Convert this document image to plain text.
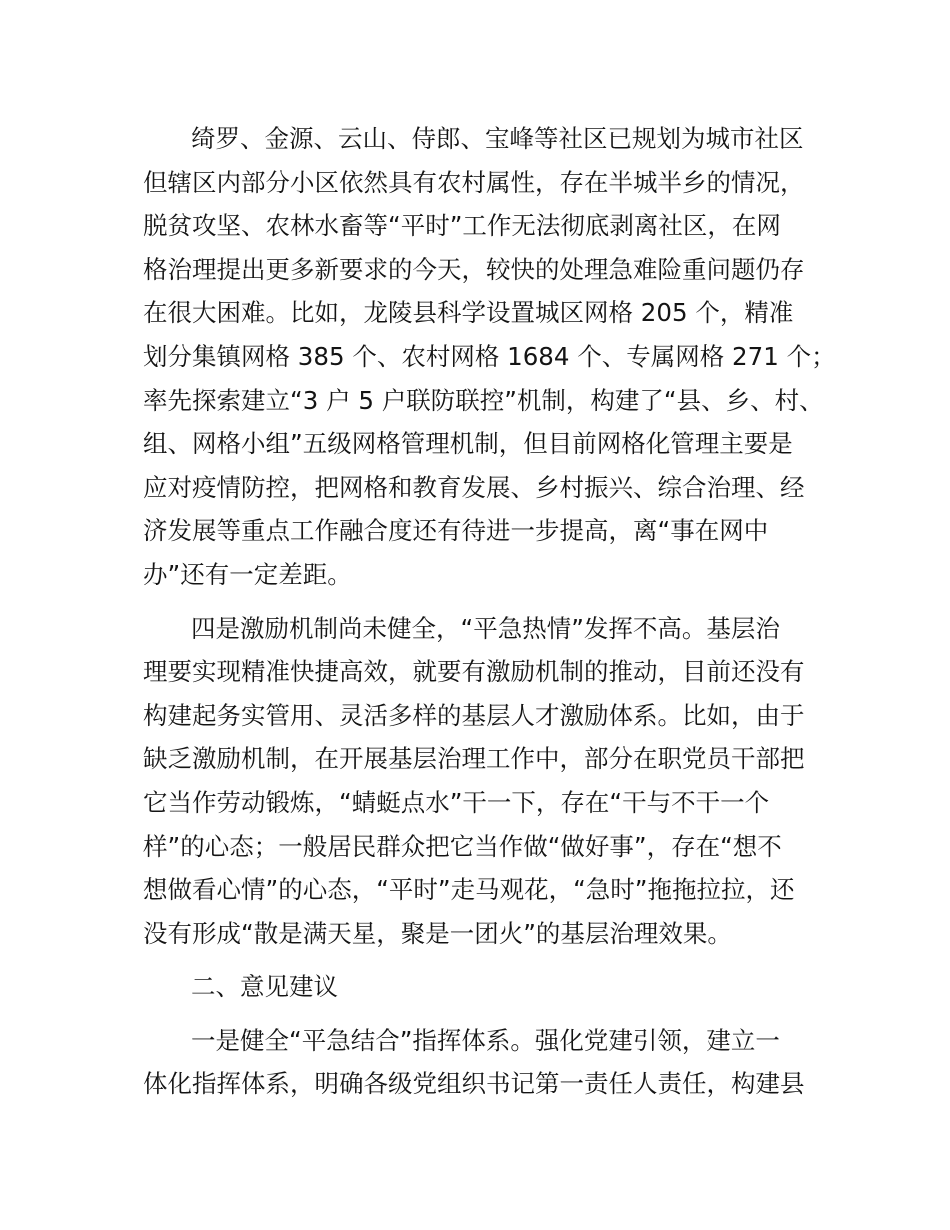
绮罗、金源、云山、侍郎、宝峰等社区已规划为城市社区
但辖区内部分小区依然具有农村属性，存在半城半乡的情况，
脱贫攻坚、农林水畜等“平时”工作无法彻底剥离社区，在网
格治理提出更多新要求的今天，较快的处理急难险重问题仍存
在很大困难。比如，龙陵县科学设置城区网格 205 个，精准
划分集镇网格 385 个、农村网格 1684 个、专属网格 271 个；
率先探索建立“3 户 5 户联防联控”机制，构建了“县、乡、村、
组、网格小组”五级网格管理机制，但目前网格化管理主要是
应对疫情防控，把网格和教育发展、乡村振兴、综合治理、经
济发展等重点工作融合度还有待进一步提高，离“事在网中
办”还有一定差距。
四是激励机制尚未健全，“平急热情”发挥不高。基层治
理要实现精准快捷高效，就要有激励机制的推动，目前还没有
构建起务实管用、灵活多样的基层人才激励体系。比如，由于
缺乏激励机制，在开展基层治理工作中，部分在职党员干部把
它当作劳动锻炼，“蜻蜓点水”干一下，存在“干与不干一个
样”的心态；一般居民群众把它当作做“做好事”，存在“想不
想做看心情”的心态，“平时”走马观花，“急时”拖拖拉拉，还
没有形成“散是满天星，聚是一团火”的基层治理效果。
二、意见建议
一是健全“平急结合”指挥体系。强化党建引领，建立一
体化指挥体系，明确各级党组织书记第一责任人责任，构建县
